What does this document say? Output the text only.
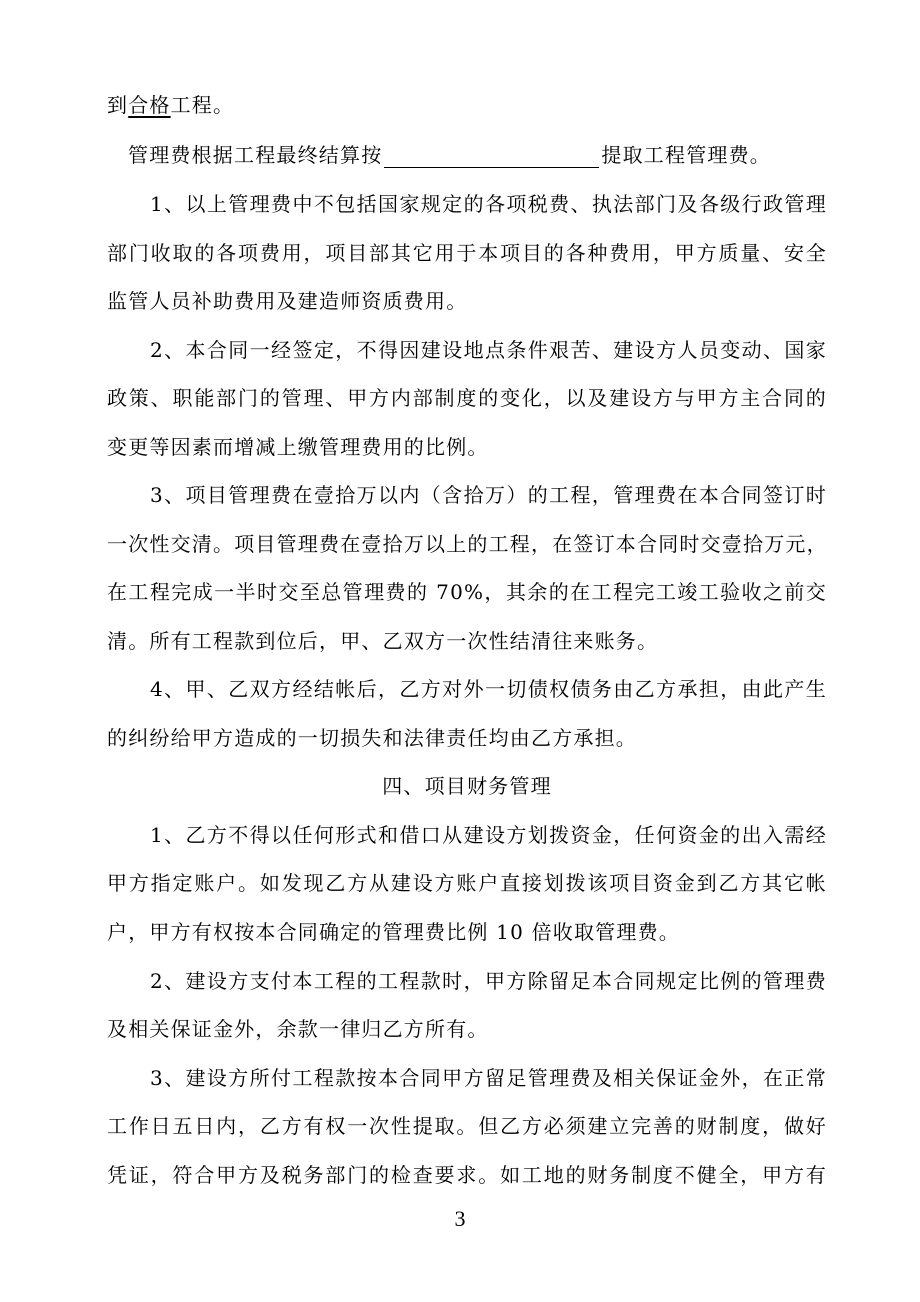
到合格工程。
管理费根据工程最终结算按	提取工程管理费。
1、以上管理费中不包括国家规定的各项税费、执法部门及各级行政管理
部门收取的各项费用，项目部其它用于本项目的各种费用，甲方质量、安全
监管人员补助费用及建造师资质费用。
2、本合同一经签定，不得因建设地点条件艰苦、建设方人员变动、国家
政策、职能部门的管理、甲方内部制度的变化，以及建设方与甲方主合同的
变更等因素而增减上缴管理费用的比例。
3、项目管理费在壹拾万以内（含拾万）的工程，管理费在本合同签订时
一次性交清。项目管理费在壹拾万以上的工程，在签订本合同时交壹拾万元，
在工程完成一半时交至总管理费的 70%，其余的在工程完工竣工验收之前交
清。所有工程款到位后，甲、乙双方一次性结清往来账务。
4、甲、乙双方经结帐后，乙方对外一切债权债务由乙方承担，由此产生
的纠纷给甲方造成的一切损失和法律责任均由乙方承担。
四、项目财务管理
1、乙方不得以任何形式和借口从建设方划拨资金，任何资金的出入需经
甲方指定账户。如发现乙方从建设方账户直接划拨该项目资金到乙方其它帐
户，甲方有权按本合同确定的管理费比例 10 倍收取管理费。
2、建设方支付本工程的工程款时，甲方除留足本合同规定比例的管理费
及相关保证金外，余款一律归乙方所有。
3、建设方所付工程款按本合同甲方留足管理费及相关保证金外，在正常
工作日五日内，乙方有权一次性提取。但乙方必须建立完善的财制度，做好
凭证，符合甲方及税务部门的检查要求。如工地的财务制度不健全，甲方有
3
